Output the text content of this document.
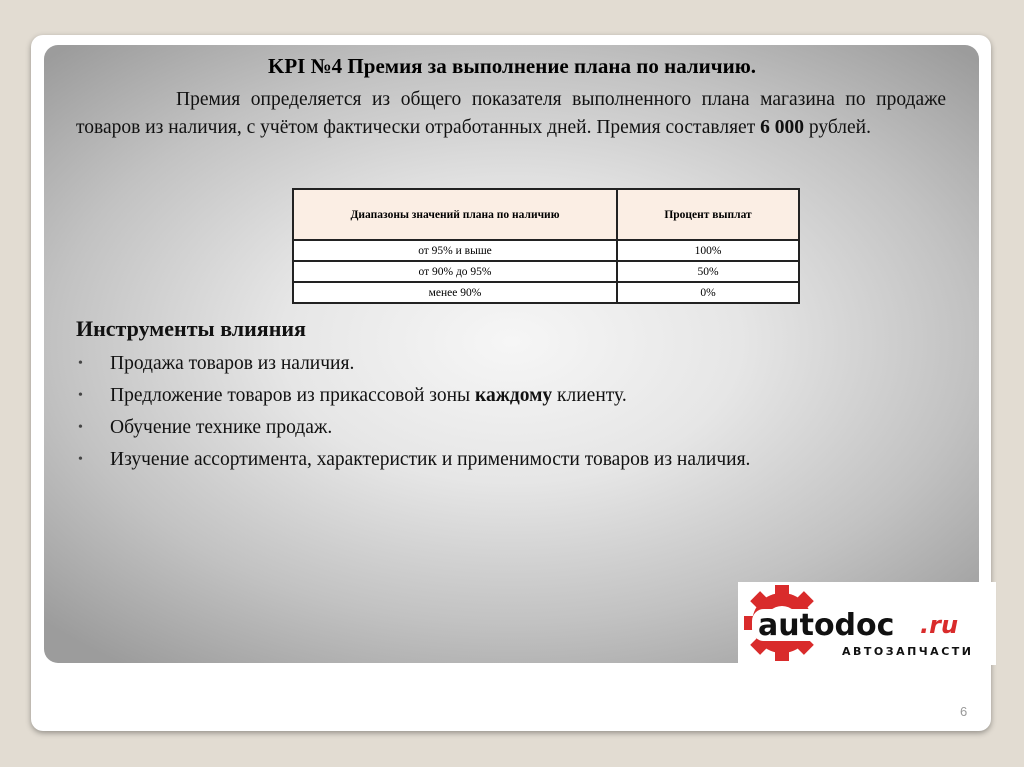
KPI №4 Премия за выполнение плана по наличию.
Премия определяется из общего показателя выполненного плана магазина по продаже товаров из наличия, с учётом фактически отработанных дней. Премия составляет 6 000 рублей.
Диапазоны значений плана по наличию	Процент выплат
от 95% и выше	100%
от 90% до 95%	50%
менее 90%	0%
Инструменты влияния
• Продажа товаров из наличия.
• Предложение товаров из прикассовой зоны каждому клиенту.
• Обучение технике продаж.
• Изучение ассортимента, характеристик и применимости товаров из наличия.
autodoc .ru
АВТОЗАПЧАСТИ
6
